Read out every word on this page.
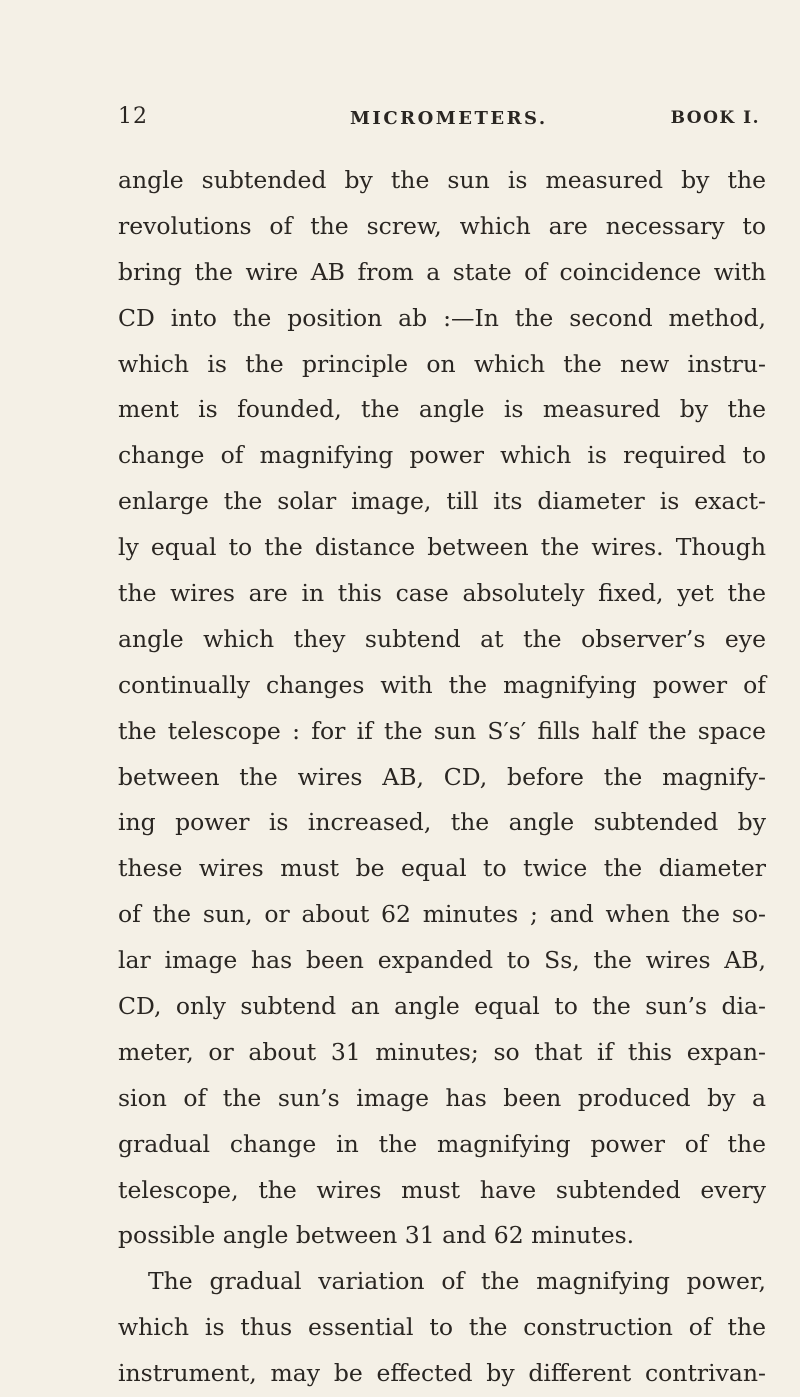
12	MICROMETERS.	BOOK I.
angle subtended by the sun is measured by the
revolutions of the screw, which are necessary to
bring the wire AB from a state of coincidence with
CD into the position ab :—In the second method,
which is the principle on which the new instru-
ment is founded, the angle is measured by the
change of magnifying power which is required to
enlarge the solar image, till its diameter is exact-
ly equal to the distance between the wires. Though
the wires are in this case absolutely fixed, yet the
angle which they subtend at the observer’s eye
continually changes with the magnifying power of
the telescope : for if the sun S′s′ fills half the space
between the wires AB, CD, before the magnify-
ing power is increased, the angle subtended by
these wires must be equal to twice the diameter
of the sun, or about 62 minutes ; and when the so-
lar image has been expanded to Ss, the wires AB,
CD, only subtend an angle equal to the sun’s dia-
meter, or about 31 minutes; so that if this expan-
sion of the sun’s image has been produced by a
gradual change in the magnifying power of the
telescope, the wires must have subtended every
possible angle between 31 and 62 minutes.
The gradual variation of the magnifying power,
which is thus essential to the construction of the
instrument, may be effected by different contrivan-
